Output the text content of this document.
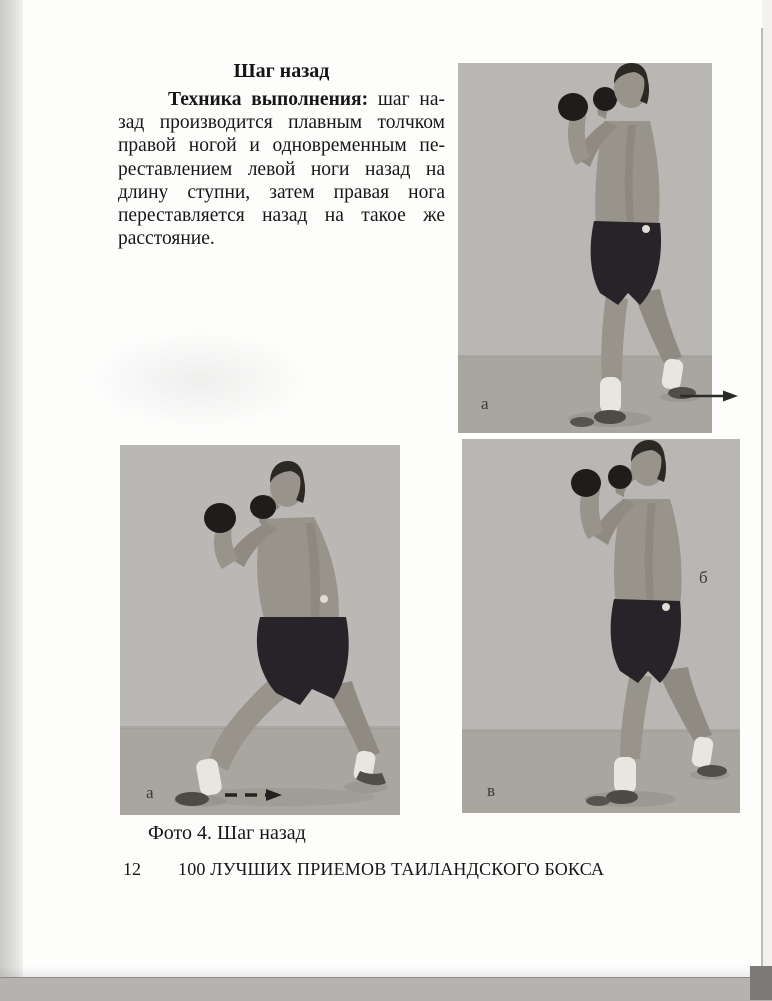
Шаг назад
Техника выполнения: шаг на-
зад производится плавным толчком
правой ногой и одновременным пе-
реставлением левой ноги назад на
длину ступни, затем правая нога
переставляется назад на такое же
расстояние.
а
а
б
в
Фото 4. Шаг назад
12 100 ЛУЧШИХ ПРИЕМОВ ТАИЛАНДСКОГО БОКСА
